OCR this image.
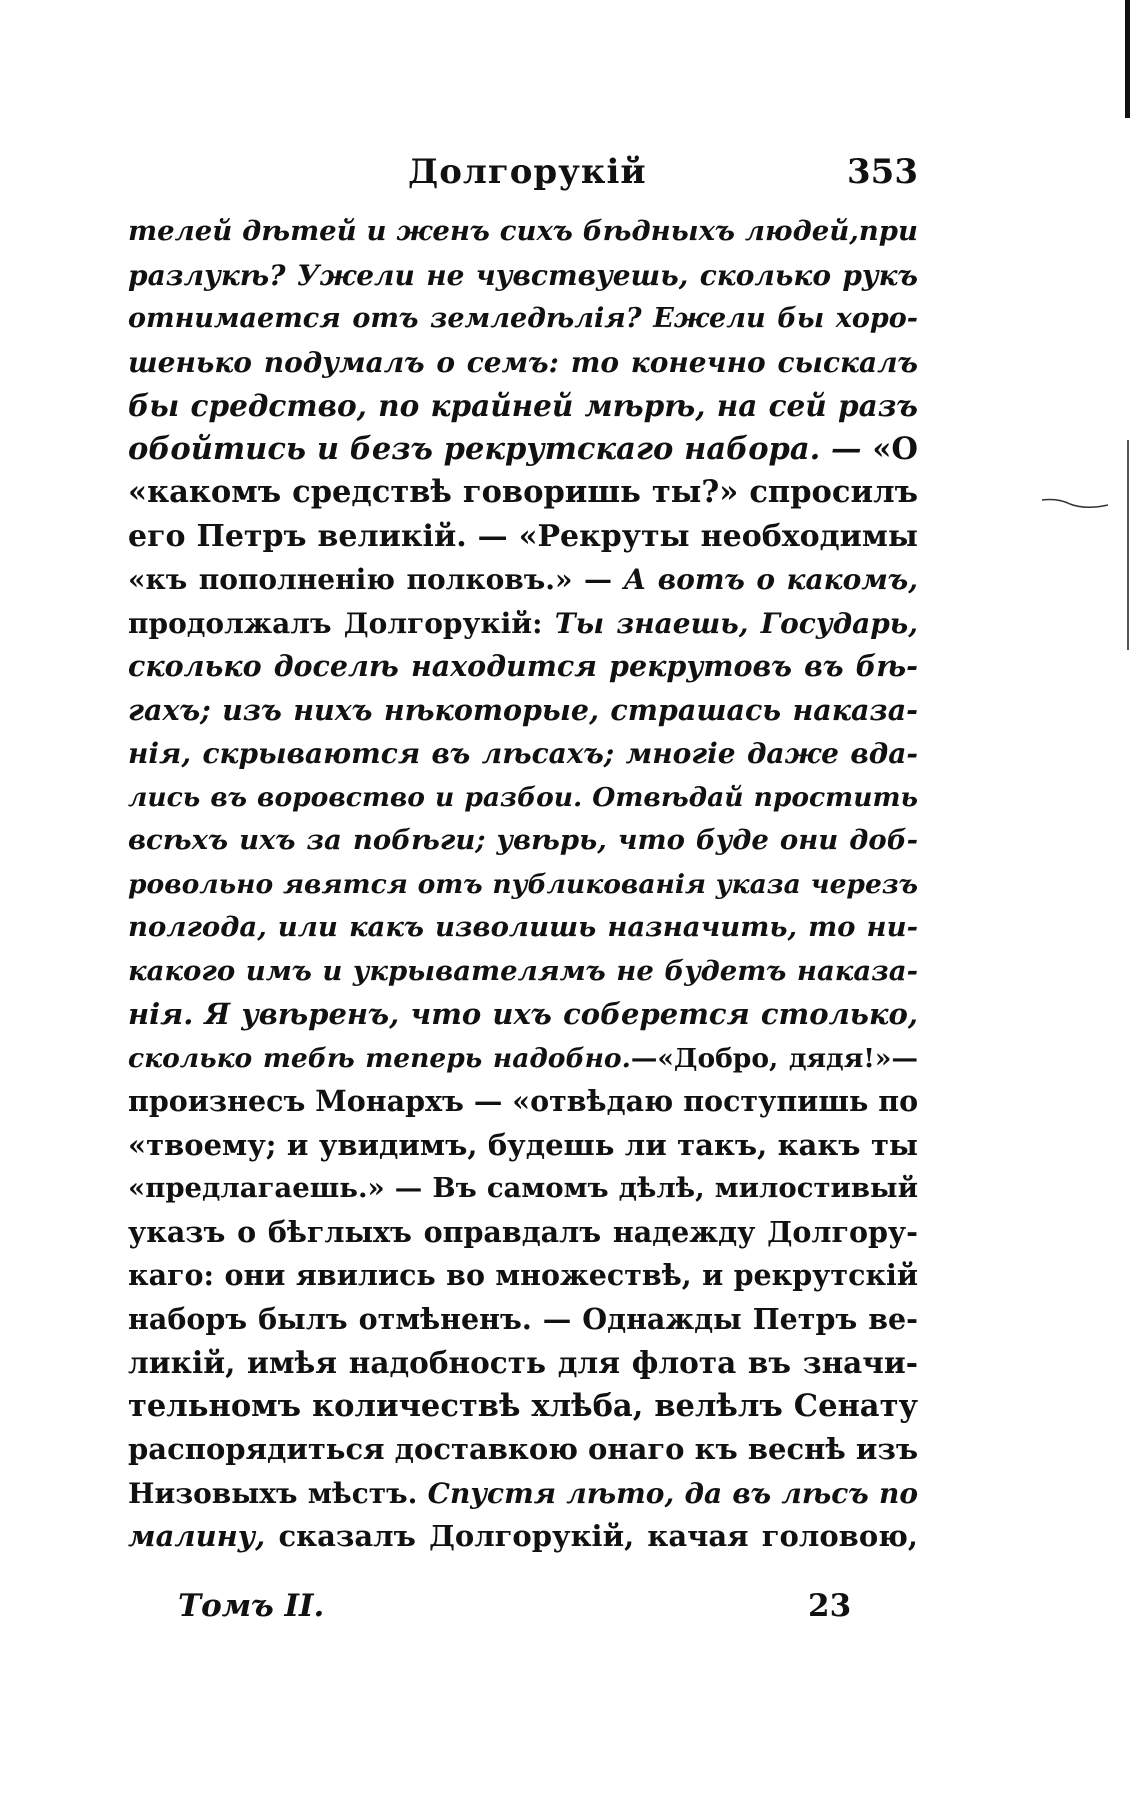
Долгорукій	353
телей дѣтей и женъ сихъ бѣдныхъ людей,при
разлукѣ? Ужели не чувствуешь, сколько рукъ
отнимается отъ земледѣлія? Ежели бы хоро-
шенько подумалъ о семъ: то конечно сыскалъ
бы средство, по крайней мѣрѣ, на сей разъ
обойтись и безъ рекрутскаго набора. — «О
«какомъ средствѣ говоришь ты?» спросилъ
его Петръ великій. — «Рекруты необходимы
«къ пополненію полковъ.» — А вотъ о какомъ,
продолжалъ Долгорукій: Ты знаешь, Государь,
сколько доселѣ находится рекрутовъ въ бѣ-
гахъ; изъ нихъ нѣкоторые, страшась наказа-
нія, скрываются въ лѣсахъ; многіе даже вда-
лись въ воровство и разбои. Отвѣдай простить
всѣхъ ихъ за побѣги; увѣрь, что буде они доб-
ровольно явятся отъ публикованія указа черезъ
полгода, или какъ изволишь назначить, то ни-
какого имъ и укрывателямъ не будетъ наказа-
нія. Я увѣренъ, что ихъ соберется столько,
сколько тебѣ теперь надобно.—«Добро, дядя!»—
произнесъ Монархъ — «отвѣдаю поступишь по
«твоему; и увидимъ, будешь ли такъ, какъ ты
«предлагаешь.» — Въ самомъ дѣлѣ, милостивый
указъ о бѣглыхъ оправдалъ надежду Долгору-
каго: они явились во множествѣ, и рекрутскій
наборъ былъ отмѣненъ. — Однажды Петръ ве-
ликій, имѣя надобность для флота въ значи-
тельномъ количествѣ хлѣба, велѣлъ Сенату
распорядиться доставкою онаго къ веснѣ изъ
Низовыхъ мѣстъ. Спустя лѣто, да въ лѣсъ по
малину, сказалъ Долгорукій, качая головою,
Томъ II.	23
